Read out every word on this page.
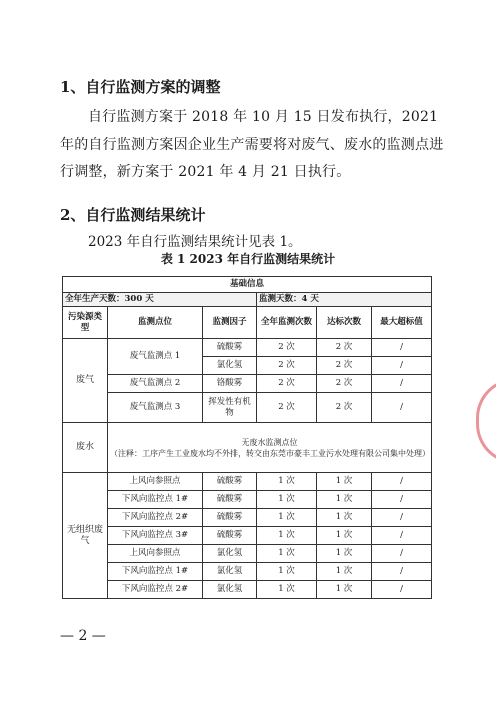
1、自行监测方案的调整
自行监测方案于 2018 年 10 月 15 日发布执行，2021 年的自行监测方案因企业生产需要将对废气、废水的监测点进行调整，新方案于 2021 年 4 月 21 日执行。
2、自行监测结果统计
2023 年自行监测结果统计见表 1。
表 1 2023 年自行监测结果统计
基础信息					
全年生产天数：300 天			监测天数：4 天		
污染源类型	监测点位	监测因子	全年监测次数	达标次数	最大超标值
废气	废气监测点 1	硫酸雾	2 次	2 次	/
		氯化氢	2 次	2 次	/
	废气监测点 2	铬酸雾	2 次	2 次	/
	废气监测点 3	挥发性有机物	2 次	2 次	/

废水	无废水监测点位
（注释：工序产生工业废水均不外排，转交由东莞市豪丰工业污水处理有限公司集中处理）				

无组织废气	上风向参照点	硫酸雾	1 次	1 次	/
	下风向监控点 1#	硫酸雾	1 次	1 次	/
	下风向监控点 2#	硫酸雾	1 次	1 次	/
	下风向监控点 3#	硫酸雾	1 次	1 次	/
	上风向参照点	氯化氢	1 次	1 次	/
	下风向监控点 1#	氯化氢	1 次	1 次	/
	下风向监控点 2#	氯化氢	1 次	1 次	/
— 2 —
